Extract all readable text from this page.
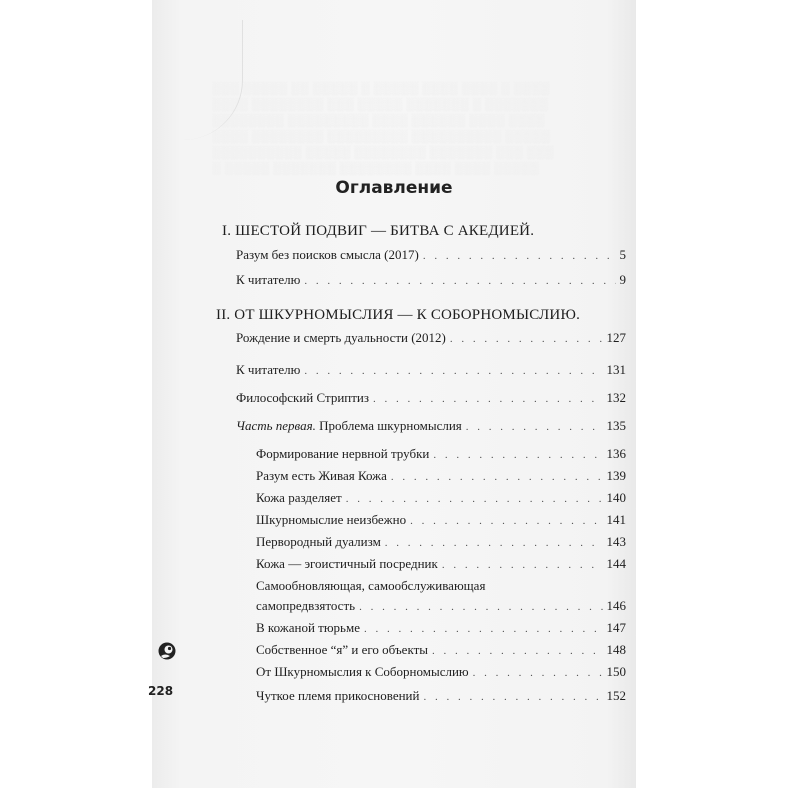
░░░ ░░░░░ ░░ ░░░░░ ░ ░░░░░ ░░░░ ░░░░ ░ ░░░░
░░░░ ░░░░░░░░ ░░░ ░░░░░ ░░░░░░░ ░ ░░░░░░░
░░░░░░░░ ░░░░░░░░░ ░░░░ ░░░░░░ ░░░░ ░░░░
░░░░ ░░░░░░░░ ░░░░░░░░░ ░░░░░░░░░░ ░░░░░
░░░░░░░░░░ ░░░░░ ░░░░░░░░ ░░░░░░░ ░░░ ░░░
░ ░░░░░ ░░░░░░░ ░░░░░░░░ ░░░░ ░░░░ ░░░░░
Оглавление
I. ШЕСТОЙ ПОДВИГ — БИТВА С АКЕДИЕЙ.
Разум без поисков смысла (2017) . . .	5
К читателю . . .	9
II. ОТ ШКУРНОМЫСЛИЯ — К СОБОРНОМЫСЛИЮ.
Рождение и смерть дуальности (2012) . . .	127
К читателю . . .	131
Философский Стриптиз . . .	132
Часть первая. Проблема шкурномыслия . . .	135
Формирование нервной трубки . . .	136
Разум есть Живая Кожа . . .	139
Кожа разделяет . . .	140
Шкурномыслие неизбежно . . .	141
Первородный дуализм . . .	143
Кожа — эгоистичный посредник . . .	144
Самообновляющая, самообслуживающая
самопредвзятость . . .	146
В кожаной тюрьме . . .	147
Собственное “я” и его объекты . . .	148
От Шкурномыслия к Соборномыслию . . .	150
Чуткое племя прикосновений . . .	152
228
